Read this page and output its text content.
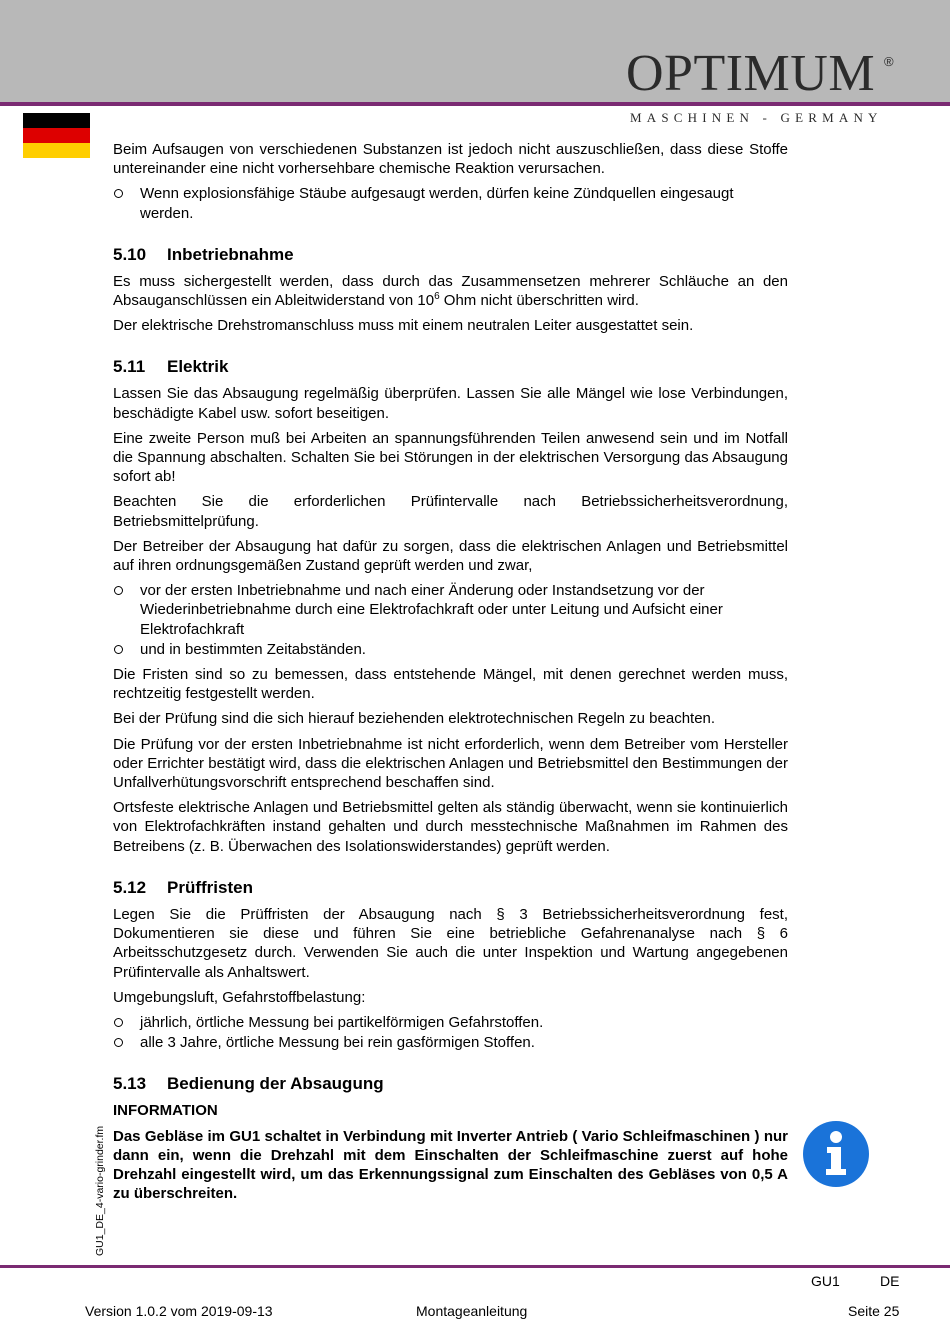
OPTIMUM ®
MASCHINEN - GERMANY

Beim Aufsaugen von verschiedenen Substanzen ist jedoch nicht auszuschließen, dass diese Stoffe untereinander eine nicht vorhersehbare chemische Reaktion verursachen.

Wenn explosionsfähige Stäube aufgesaugt werden, dürfen keine Zündquellen eingesaugt werden.
5.10 Inbetriebnahme

Es muss sichergestellt werden, dass durch das Zusammensetzen mehrerer Schläuche an den Absauganschlüssen ein Ableitwiderstand von $10^6$ Ohm nicht überschritten wird.

Der elektrische Drehstromanschluss muss mit einem neutralen Leiter ausgestattet sein.

5.11 Elektrik

Lassen Sie das Absaugung regelmäßig überprüfen. Lassen Sie alle Mängel wie lose Verbindungen, beschädigte Kabel usw. sofort beseitigen.

Eine zweite Person muß bei Arbeiten an spannungsführenden Teilen anwesend sein und im Notfall die Spannung abschalten. Schalten Sie bei Störungen in der elektrischen Versorgung das Absaugung sofort ab!

Beachten Sie die erforderlichen Prüfintervalle nach Betriebssicherheitsverordnung, Betriebsmittelprüfung.

Der Betreiber der Absaugung hat dafür zu sorgen, dass die elektrischen Anlagen und Betriebsmittel auf ihren ordnungsgemäßen Zustand geprüft werden und zwar,

vor der ersten Inbetriebnahme und nach einer Änderung oder Instandsetzung vor der Wiederinbetriebnahme durch eine Elektrofachkraft oder unter Leitung und Aufsicht einer Elektrofachkraft
und in bestimmten Zeitabständen.

Die Fristen sind so zu bemessen, dass entstehende Mängel, mit denen gerechnet werden muss, rechtzeitig festgestellt werden.

Bei der Prüfung sind die sich hierauf beziehenden elektrotechnischen Regeln zu beachten.

Die Prüfung vor der ersten Inbetriebnahme ist nicht erforderlich, wenn dem Betreiber vom Hersteller oder Errichter bestätigt wird, dass die elektrischen Anlagen und Betriebsmittel den Bestimmungen der Unfallverhütungsvorschrift entsprechend beschaffen sind.

Ortsfeste elektrische Anlagen und Betriebsmittel gelten als ständig überwacht, wenn sie kontinuierlich von Elektrofachkräften instand gehalten und durch messtechnische Maßnahmen im Rahmen des Betreibens (z. B. Überwachen des Isolationswiderstandes) geprüft werden.

5.12 Prüffristen

Legen Sie die Prüffristen der Absaugung nach § 3 Betriebssicherheitsverordnung fest, Dokumentieren sie diese und führen Sie eine betriebliche Gefahrenanalyse nach § 6 Arbeitsschutzgesetz durch. Verwenden Sie auch die unter Inspektion und Wartung angegebenen Prüfintervalle als Anhaltswert.

Umgebungsluft, Gefahrstoffbelastung:

jährlich, örtliche Messung bei partikelförmigen Gefahrstoffen.
alle 3 Jahre, örtliche Messung bei rein gasförmigen Stoffen.
5.13 Bedienung der Absaugung

INFORMATION

Das Gebläse im GU1 schaltet in Verbindung mit Inverter Antrieb ( Vario Schleifmaschinen ) nur dann ein, wenn die Drehzahl mit dem Einschalten der Schleifmaschine zuerst auf hohe Drehzahl eingestellt wird, um das Erkennungssignal zum Einschalten des Gebläses von 0,5 A zu überschreiten.

GU1_DE_4-vario-grinder.fm
GU1	DE
Version 1.0.2 vom 2019-09-13	Montageanleitung	Seite 25
